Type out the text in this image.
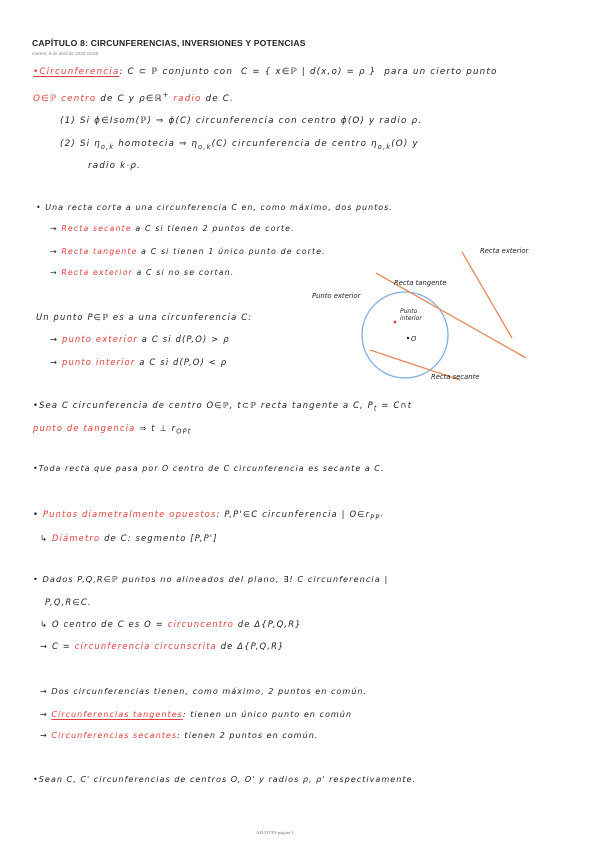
CAPÍTULO 8: CIRCUNFERENCIAS, INVERSIONES Y POTENCIAS
martes, 8 de abril de 2025 16:06
•Circunferencia: C ⊂ ℙ conjunto con  C = { x∈ℙ | d(x,o) = ρ }  para un cierto punto
O∈ℙ centro de C y ρ∈ℝ+ radio de C.
(1) Si ϕ∈Isom(ℙ) ⇒ ϕ(C) circunferencia con centro ϕ(O) y radio ρ.
(2) Si $\eta_{o,k}$ homotecia ⇒ $\eta_{o,k}(C)$ circunferencia de centro $\eta_{o,k}(O)$ y
radio k·ρ.
• Una recta corta a una circunferencia C en, como máximo, dos puntos.
→ Recta secante a C si tienen 2 puntos de corte.
→ Recta tangente a C si tienen 1 único punto de corte.
→ Recta exterior a C si no se cortan.
Un punto P∈ℙ es a una circunferencia C:
→ punto exterior a C si d(P,O) > ρ
→ punto interior a C si d(P,O) < ρ
Recta exterior
Recta tangente
Punto exterior
Punto
interior
O
Recta secante
•Sea C circunferencia de centro O∈ℙ, t⊂ℙ recta tangente a C, $P_t$ = C∩t
punto de tangencia ⇒ t ⊥ $r_{OPt}$
•Toda recta que pasa por O centro de C circunferencia es secante a C.
• Puntos diametralmente opuestos: P,P'∈C circunferencia | $O\in r_{PP'}$
↳ Diámetro de C: segmento [P,P']
• Dados P,Q,R∈ℙ puntos no alineados del plano, ∃! C circunferencia |
P,Q,R∈C.
↳ O centro de C es O = circuncentro de Δ{P,Q,R}
→ C = circunferencia circunscrita de Δ{P,Q,R}
→ Dos circunferencias tienen, como máximo, 2 puntos en común.
→ Circunferencias tangentes: tienen un único punto en común
→ Circunferencias secantes: tienen 2 puntos en común.
•Sean C, C' circunferencias de centros O, O' y radios ρ, ρ' respectivamente.
APUNTES página 1
